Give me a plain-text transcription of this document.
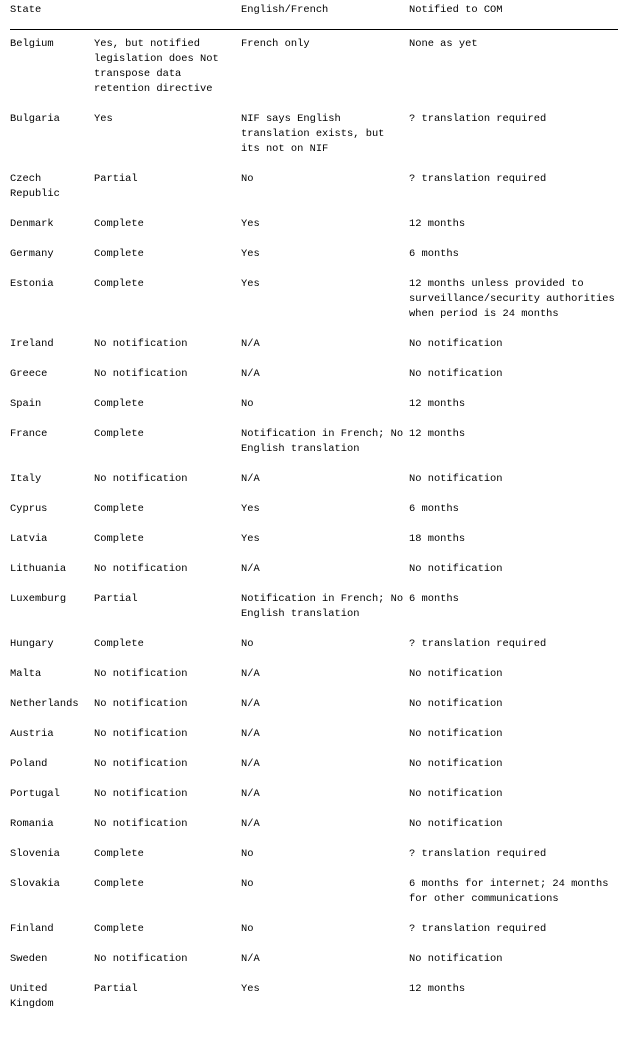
State		English/French	Notified to COM
Belgium	Yes, but notified legislation does Not transpose data retention directive	French only	None as yet
Bulgaria	Yes	NIF says English translation exists, but its not on NIF	? translation required
Czech Republic	Partial	No	? translation required
Denmark	Complete	Yes	12 months
Germany	Complete	Yes	6 months
Estonia	Complete	Yes	12 months unless provided to surveillance/security authorities when period is 24 months
Ireland	No notification	N/A	No notification
Greece	No notification	N/A	No notification
Spain	Complete	No	12 months
France	Complete	Notification in French; No English translation	12 months
Italy	No notification	N/A	No notification
Cyprus	Complete	Yes	6 months
Latvia	Complete	Yes	18 months
Lithuania	No notification	N/A	No notification
Luxemburg	Partial	Notification in French; No English translation	6 months
Hungary	Complete	No	? translation required
Malta	No notification	N/A	No notification
Netherlands	No notification	N/A	No notification
Austria	No notification	N/A	No notification
Poland	No notification	N/A	No notification
Portugal	No notification	N/A	No notification
Romania	No notification	N/A	No notification
Slovenia	Complete	No	? translation required
Slovakia	Complete	No	6 months for internet; 24 months for other communications
Finland	Complete	No	? translation required
Sweden	No notification	N/A	No notification
United Kingdom	Partial	Yes	12 months
